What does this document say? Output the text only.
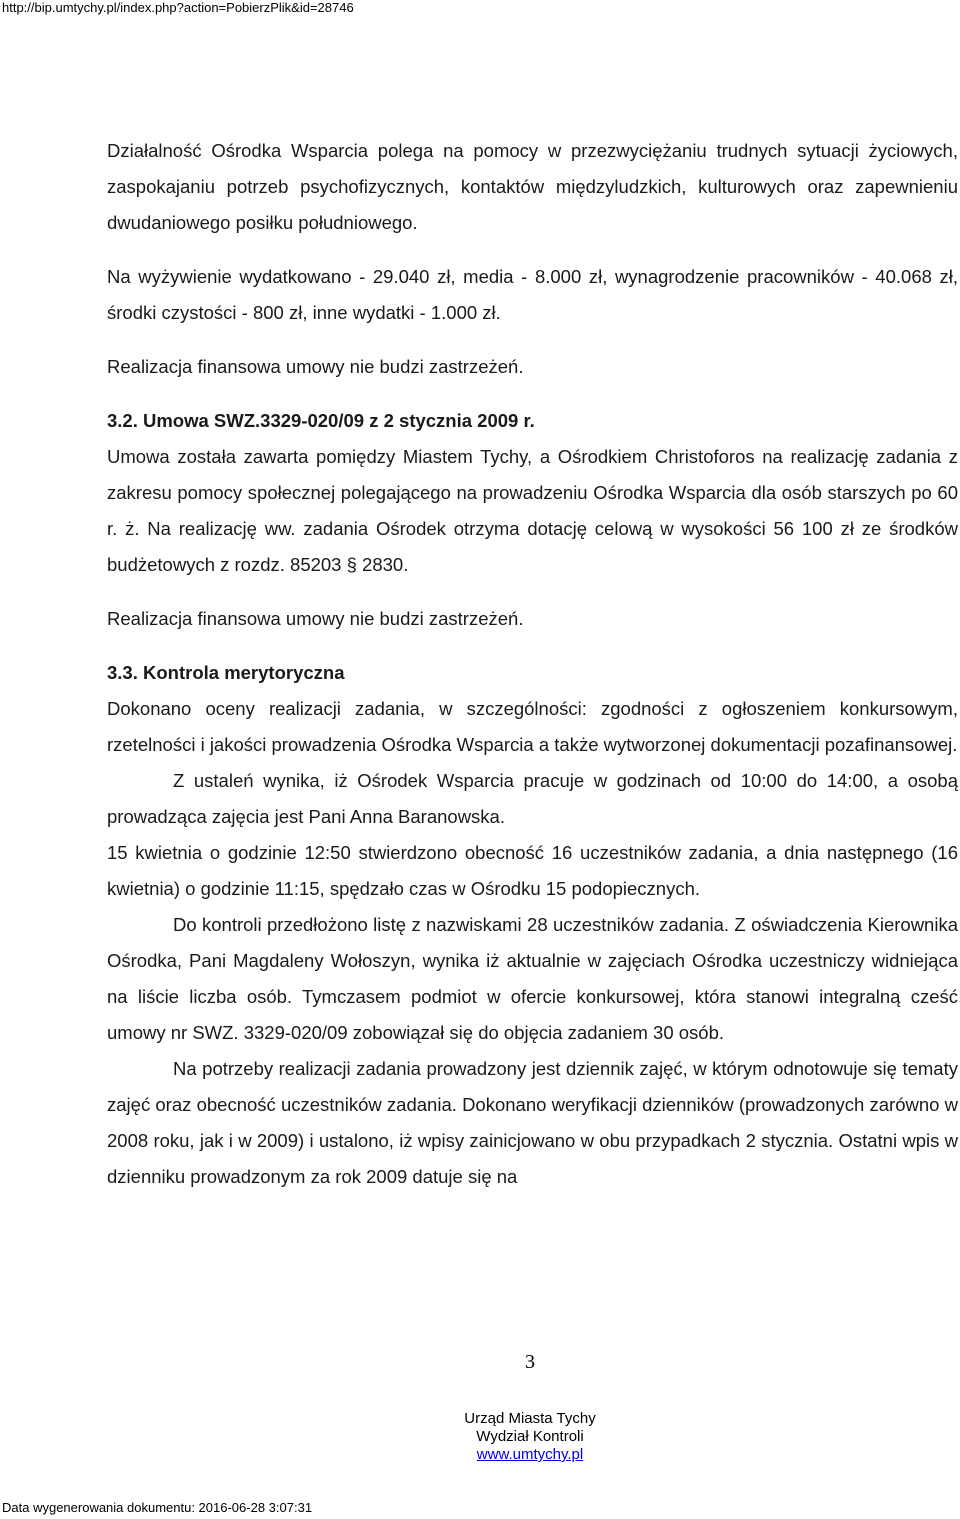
http://bip.umtychy.pl/index.php?action=PobierzPlik&id=28746

Działalność Ośrodka Wsparcia polega na pomocy w przezwyciężaniu trudnych sytuacji życiowych, zaspokajaniu potrzeb psychofizycznych, kontaktów międzyludzkich, kulturowych oraz zapewnieniu dwudaniowego posiłku południowego.

Na wyżywienie wydatkowano - 29.040 zł, media - 8.000 zł, wynagrodzenie pracowników - 40.068 zł, środki czystości - 800 zł, inne wydatki - 1.000 zł.

Realizacja finansowa umowy nie budzi zastrzeżeń.

3.2. Umowa SWZ.3329-020/09 z 2 stycznia 2009 r.

Umowa została zawarta pomiędzy Miastem Tychy, a Ośrodkiem Christoforos na realizację zadania z zakresu pomocy społecznej polegającego na prowadzeniu Ośrodka Wsparcia dla osób starszych po 60 r. ż. Na realizację ww. zadania Ośrodek otrzyma dotację celową w wysokości 56 100 zł ze środków budżetowych z rozdz. 85203 § 2830.

Realizacja finansowa umowy nie budzi zastrzeżeń.

3.3. Kontrola merytoryczna

Dokonano oceny realizacji zadania, w szczególności: zgodności z ogłoszeniem konkursowym, rzetelności i jakości prowadzenia Ośrodka Wsparcia a także wytworzonej dokumentacji pozafinansowej.

Z ustaleń wynika, iż Ośrodek Wsparcia pracuje w godzinach od 10:00 do 14:00, a osobą prowadząca zajęcia jest Pani Anna Baranowska.

15 kwietnia o godzinie 12:50 stwierdzono obecność 16 uczestników zadania, a dnia następnego (16 kwietnia) o godzinie 11:15, spędzało czas w Ośrodku 15 podopiecznych.

Do kontroli przedłożono listę z nazwiskami 28 uczestników zadania. Z oświadczenia Kierownika Ośrodka, Pani Magdaleny Wołoszyn, wynika iż aktualnie w zajęciach Ośrodka uczestniczy widniejąca na liście liczba osób. Tymczasem podmiot w ofercie konkursowej, która stanowi integralną cześć umowy nr SWZ. 3329-020/09 zobowiązał się do objęcia zadaniem 30 osób.

Na potrzeby realizacji zadania prowadzony jest dziennik zajęć, w którym odnotowuje się tematy zajęć oraz obecność uczestników zadania. Dokonano weryfikacji dzienników (prowadzonych zarówno w 2008 roku, jak i w 2009) i ustalono, iż wpisy zainicjowano w obu przypadkach 2 stycznia. Ostatni wpis w dzienniku prowadzonym za rok 2009 datuje się na

3
Urząd Miasta Tychy
Wydział Kontroli
www.umtychy.pl
Data wygenerowania dokumentu: 2016-06-28 3:07:31
